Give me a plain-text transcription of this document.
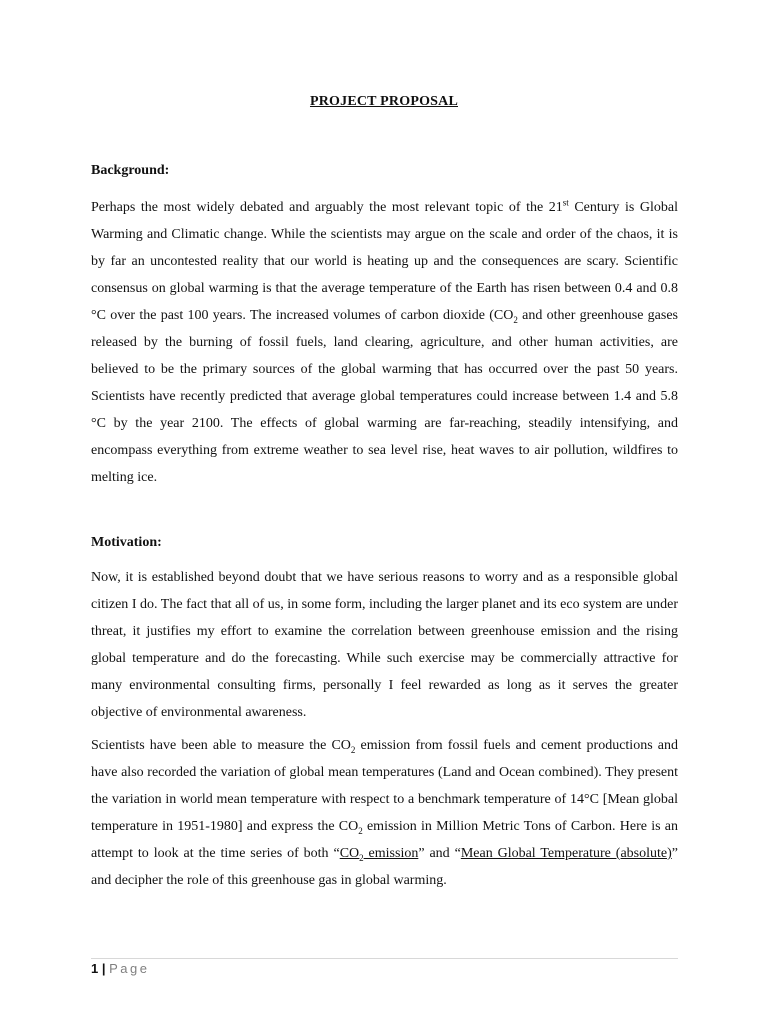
PROJECT PROPOSAL
Background:

Perhaps the most widely debated and arguably the most relevant topic of the 21st Century is Global Warming and Climatic change. While the scientists may argue on the scale and order of the chaos, it is by far an uncontested reality that our world is heating up and the consequences are scary. Scientific consensus on global warming is that the average temperature of the Earth has risen between 0.4 and 0.8 °C over the past 100 years. The increased volumes of carbon dioxide ($CO_2$ and other greenhouse gases released by the burning of fossil fuels, land clearing, agriculture, and other human activities, are believed to be the primary sources of the global warming that has occurred over the past 50 years. Scientists have recently predicted that average global temperatures could increase between 1.4 and 5.8 °C by the year 2100. The effects of global warming are far-reaching, steadily intensifying, and encompass everything from extreme weather to sea level rise, heat waves to air pollution, wildfires to melting ice.

Motivation:

Now, it is established beyond doubt that we have serious reasons to worry and as a responsible global citizen I do. The fact that all of us, in some form, including the larger planet and its eco system are under threat, it justifies my effort to examine the correlation between greenhouse emission and the rising global temperature and do the forecasting. While such exercise may be commercially attractive for many environmental consulting firms, personally I feel rewarded as long as it serves the greater objective of environmental awareness.

Scientists have been able to measure the $CO_2$ emission from fossil fuels and cement productions and have also recorded the variation of global mean temperatures (Land and Ocean combined). They present the variation in world mean temperature with respect to a benchmark temperature of 14°C [Mean global temperature in 1951-1980] and express the $CO_2$ emission in Million Metric Tons of Carbon. Here is an attempt to look at the time series of both “$CO_2$ emission” and “Mean Global Temperature (absolute)” and decipher the role of this greenhouse gas in global warming.

1 | Page
